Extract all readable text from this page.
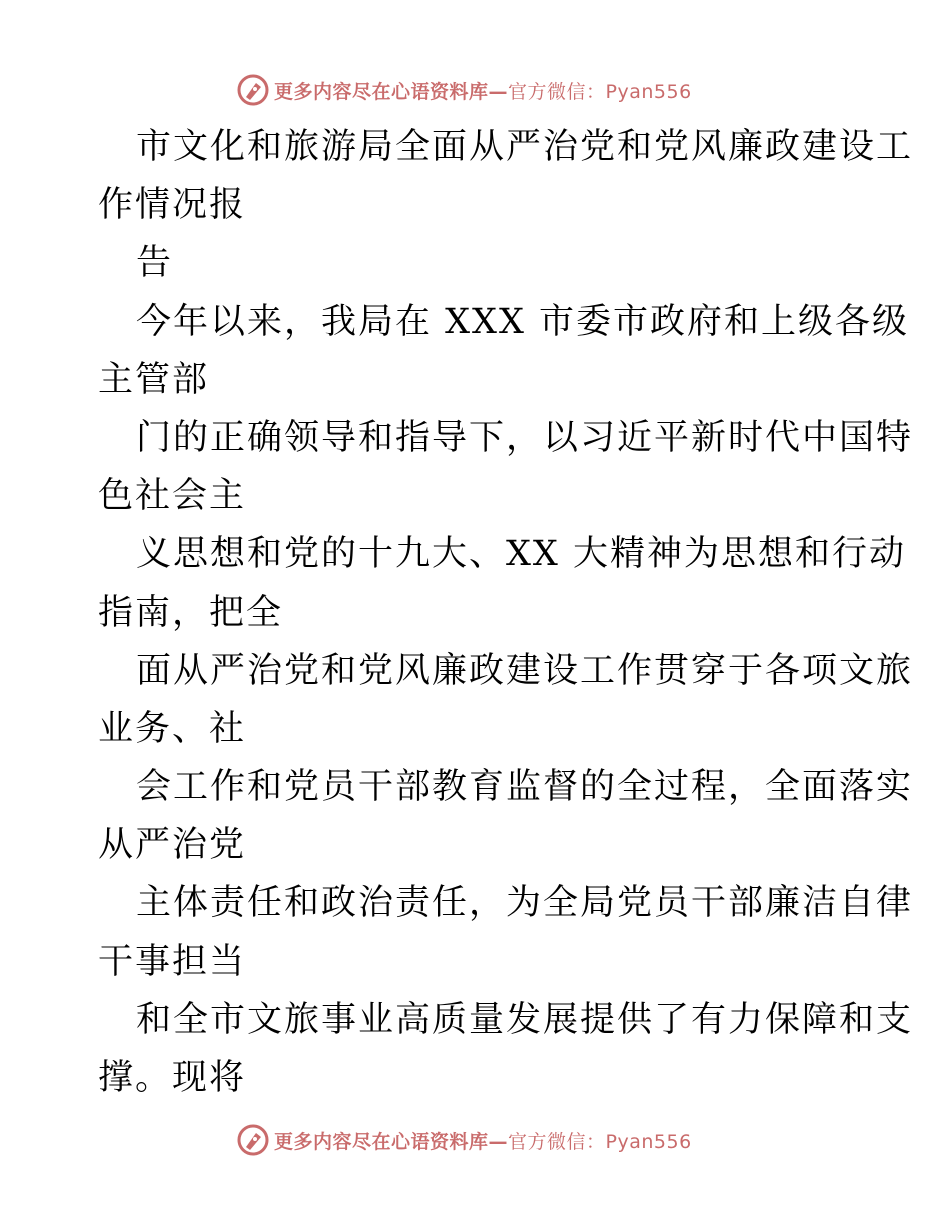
更多内容尽在心语资料库—官方微信：Pyan556
市文化和旅游局全面从严治党和党风廉政建设工
作情况报
告
今年以来，我局在 XXX 市委市政府和上级各级
主管部
门的正确领导和指导下，以习近平新时代中国特
色社会主
义思想和党的十九大、XX 大精神为思想和行动
指南，把全
面从严治党和党风廉政建设工作贯穿于各项文旅
业务、社
会工作和党员干部教育监督的全过程，全面落实
从严治党
主体责任和政治责任，为全局党员干部廉洁自律
干事担当
和全市文旅事业高质量发展提供了有力保障和支
撑。现将
更多内容尽在心语资料库—官方微信：Pyan556
